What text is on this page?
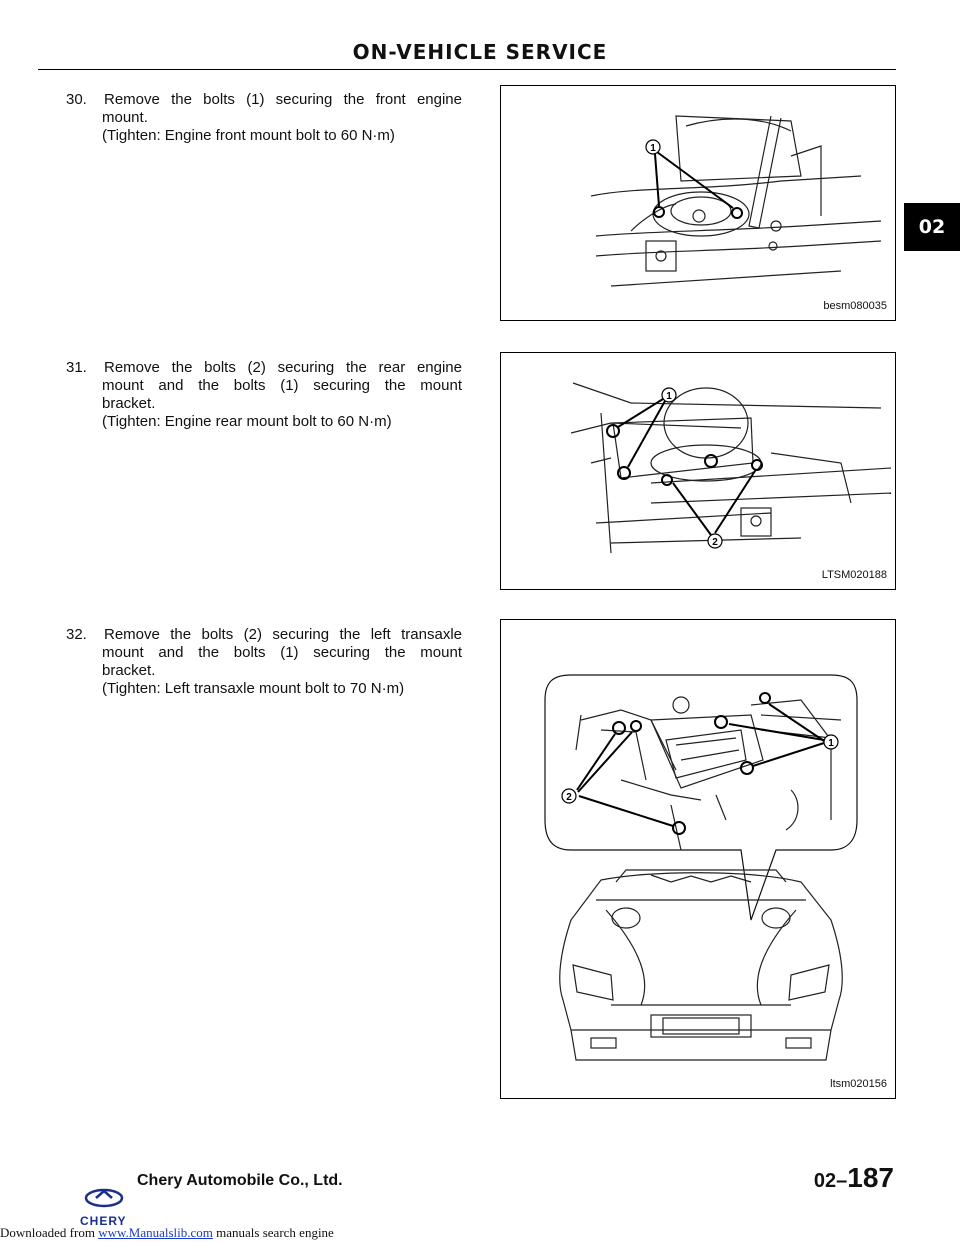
ON-VEHICLE SERVICE
02
30. Remove the bolts (1) securing the front engine
mount.
(Tighten: Engine front mount bolt to 60 N·m)
31. Remove the bolts (2) securing the rear engine
mount and the bolts (1) securing the mount
bracket.
(Tighten: Engine rear mount bolt to 60 N·m)
32. Remove the bolts (2) securing the left transaxle
mount and the bolts (1) securing the mount
bracket.
(Tighten: Left transaxle mount bolt to 70 N·m)
1
besm080035
1
2
LTSM020188
1
2
ltsm020156
CHERY
Chery Automobile Co., Ltd.	02–187
Downloaded from www.Manualslib.com manuals search engine
